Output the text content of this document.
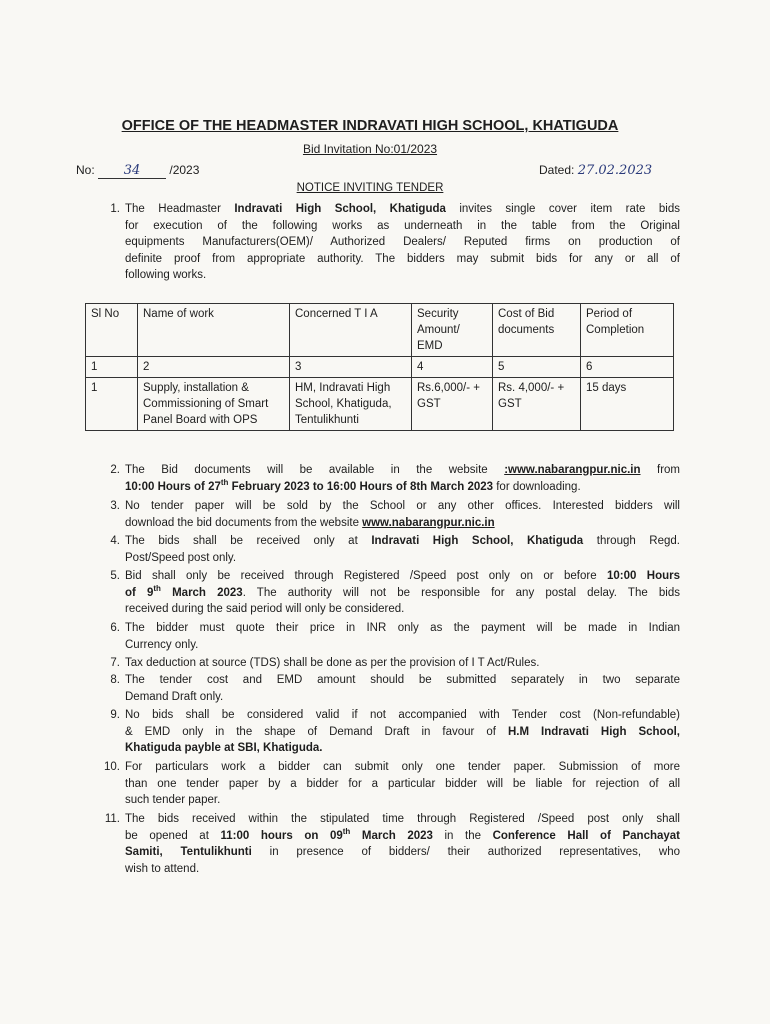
OFFICE OF THE HEADMASTER INDRAVATI HIGH SCHOOL, KHATIGUDA
Bid Invitation No:01/2023
No: 34 /2023	Dated: 27.02.2023
NOTICE INVITING TENDER
1. The Headmaster Indravati High School, Khatiguda invites single cover item rate bids
for execution of the following works as underneath in the table from the Original
equipments Manufacturers(OEM)/ Authorized Dealers/ Reputed firms on production of
definite proof from appropriate authority. The bidders may submit bids for any or all of
following works.
Sl No	Name of work	Concerned T I A	Security Amount/ EMD	Cost of Bid documents	Period of Completion
1	2	3	4	5	6
1	Supply, installation & Commissioning of Smart Panel Board with OPS	HM, Indravati High School, Khatiguda, Tentulikhunti	Rs.6,000/- + GST	Rs. 4,000/- + GST	15 days
2. The Bid documents will be available in the website :www.nabarangpur.nic.in from
10:00 Hours of 27th February 2023 to 16:00 Hours of 8th March 2023 for downloading.
3. No tender paper will be sold by the School or any other offices. Interested bidders will
download the bid documents from the website www.nabarangpur.nic.in
4. The bids shall be received only at Indravati High School, Khatiguda through Regd.
Post/Speed post only.
5. Bid shall only be received through Registered /Speed post only on or before 10:00 Hours
of 9th March 2023. The authority will not be responsible for any postal delay. The bids
received during the said period will only be considered.
6. The bidder must quote their price in INR only as the payment will be made in Indian
Currency only.
7. Tax deduction at source (TDS) shall be done as per the provision of I T Act/Rules.
8. The tender cost and EMD amount should be submitted separately in two separate
Demand Draft only.
9. No bids shall be considered valid if not accompanied with Tender cost (Non-refundable)
& EMD only in the shape of Demand Draft in favour of H.M Indravati High School,
Khatiguda payble at SBI, Khatiguda.
10. For particulars work a bidder can submit only one tender paper. Submission of more
than one tender paper by a bidder for a particular bidder will be liable for rejection of all
such tender paper.
11. The bids received within the stipulated time through Registered /Speed post only shall
be opened at 11:00 hours on 09th March 2023 in the Conference Hall of Panchayat
Samiti, Tentulikhunti in presence of bidders/ their authorized representatives, who
wish to attend.
